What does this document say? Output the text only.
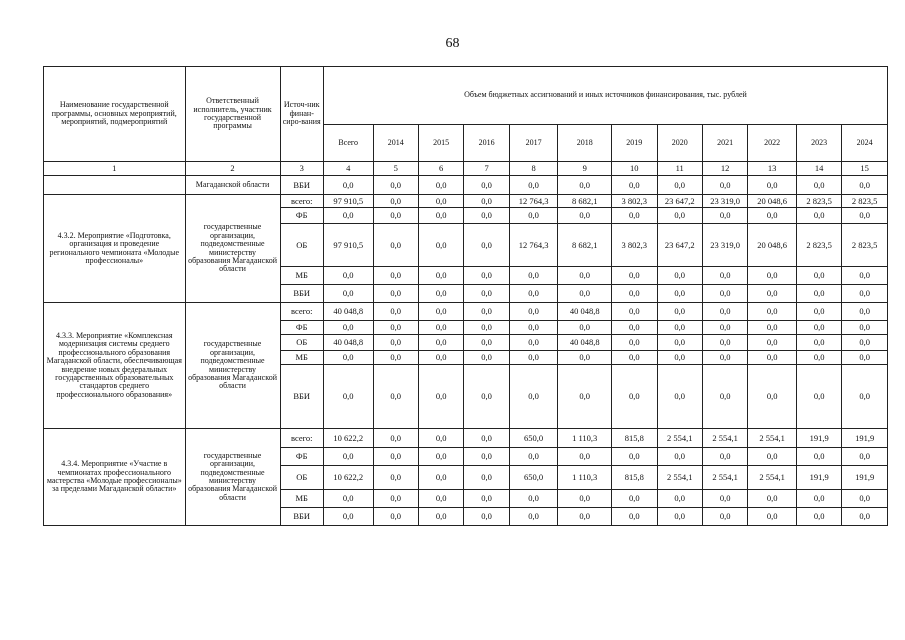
68
Наименование государственной программы, основных мероприятий, мероприятий, подмероприятий	Ответственный исполнитель, участник государственной программы	Источ-ник финан-сиро-вания	Объем бюджетных ассигнований и иных источников финансирования, тыс. рублей											
			Всего	2014	2015	2016	2017	2018	2019	2020	2021	2022	2023	2024
1	2	3	4	5	6	7	8	9	10	11	12	13	14	15
	Магаданской области	ВБИ	0,0	0,0	0,0	0,0	0,0	0,0	0,0	0,0	0,0	0,0	0,0	0,0
4.3.2. Мероприятие «Подготовка, организация и проведение регионального чемпионата «Молодые профессионалы»	государственные организации, подведомственные министерству образования Магаданской области	всего:	97 910,5	0,0	0,0	0,0	12 764,3	8 682,1	3 802,3	23 647,2	23 319,0	20 048,6	2 823,5	2 823,5
		ФБ	0,0	0,0	0,0	0,0	0,0	0,0	0,0	0,0	0,0	0,0	0,0	0,0
		ОБ	97 910,5	0,0	0,0	0,0	12 764,3	8 682,1	3 802,3	23 647,2	23 319,0	20 048,6	2 823,5	2 823,5
		МБ	0,0	0,0	0,0	0,0	0,0	0,0	0,0	0,0	0,0	0,0	0,0	0,0
		ВБИ	0,0	0,0	0,0	0,0	0,0	0,0	0,0	0,0	0,0	0,0	0,0	0,0
4.3.3. Мероприятие «Комплексная модернизация системы среднего профессионального образования Магаданской области, обеспечивающая внедрение новых федеральных государственных образовательных стандартов среднего профессионального образования»	государственные организации, подведомственные министерству образования Магаданской области	всего:	40 048,8	0,0	0,0	0,0	0,0	40 048,8	0,0	0,0	0,0	0,0	0,0	0,0
		ФБ	0,0	0,0	0,0	0,0	0,0	0,0	0,0	0,0	0,0	0,0	0,0	0,0
		ОБ	40 048,8	0,0	0,0	0,0	0,0	40 048,8	0,0	0,0	0,0	0,0	0,0	0,0
		МБ	0,0	0,0	0,0	0,0	0,0	0,0	0,0	0,0	0,0	0,0	0,0	0,0
		ВБИ	0,0	0,0	0,0	0,0	0,0	0,0	0,0	0,0	0,0	0,0	0,0	0,0
4.3.4. Мероприятие «Участие в чемпионатах профессионального мастерства «Молодые профессионалы» за пределами Магаданской области»	государственные организации, подведомственные министерству образования Магаданской области	всего:	10 622,2	0,0	0,0	0,0	650,0	1 110,3	815,8	2 554,1	2 554,1	2 554,1	191,9	191,9
		ФБ	0,0	0,0	0,0	0,0	0,0	0,0	0,0	0,0	0,0	0,0	0,0	0,0
		ОБ	10 622,2	0,0	0,0	0,0	650,0	1 110,3	815,8	2 554,1	2 554,1	2 554,1	191,9	191,9
		МБ	0,0	0,0	0,0	0,0	0,0	0,0	0,0	0,0	0,0	0,0	0,0	0,0
		ВБИ	0,0	0,0	0,0	0,0	0,0	0,0	0,0	0,0	0,0	0,0	0,0	0,0
